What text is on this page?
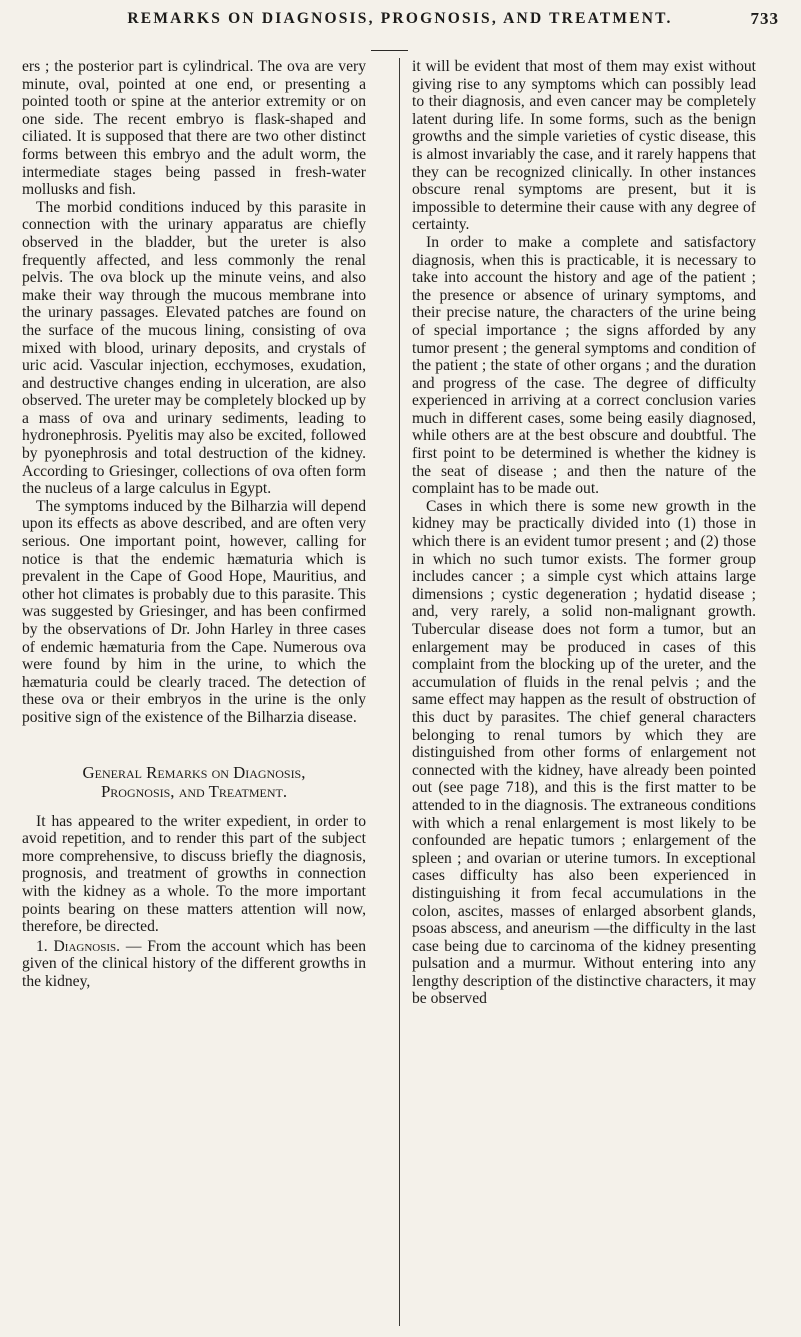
REMARKS ON DIAGNOSIS, PROGNOSIS, AND TREATMENT.	733

ers ; the posterior part is cylindrical. The ova are very minute, oval, pointed at one end, or presenting a pointed tooth or spine at the anterior extremity or on one side. The recent embryo is flask-shaped and ciliated. It is supposed that there are two other distinct forms between this embryo and the adult worm, the intermediate stages being passed in fresh-water mollusks and fish.

The morbid conditions induced by this parasite in connection with the urinary apparatus are chiefly observed in the bladder, but the ureter is also frequently affected, and less commonly the renal pelvis. The ova block up the minute veins, and also make their way through the mucous membrane into the urinary passages. Elevated patches are found on the surface of the mucous lining, consisting of ova mixed with blood, urinary deposits, and crystals of uric acid. Vascular injection, ecchymoses, exudation, and destructive changes ending in ulceration, are also observed. The ureter may be completely blocked up by a mass of ova and urinary sediments, leading to hydronephrosis. Pyelitis may also be excited, followed by pyonephrosis and total destruction of the kidney. According to Griesinger, collections of ova often form the nucleus of a large calculus in Egypt.

The symptoms induced by the Bilharzia will depend upon its effects as above described, and are often very serious. One important point, however, calling for notice is that the endemic hæmaturia which is prevalent in the Cape of Good Hope, Mauritius, and other hot climates is probably due to this parasite. This was suggested by Griesinger, and has been confirmed by the observations of Dr. John Harley in three cases of endemic hæmaturia from the Cape. Numerous ova were found by him in the urine, to which the hæmaturia could be clearly traced. The detection of these ova or their embryos in the urine is the only positive sign of the existence of the Bilharzia disease.

General Remarks on Diagnosis,
Prognosis, and Treatment.

It has appeared to the writer expedient, in order to avoid repetition, and to render this part of the subject more comprehensive, to discuss briefly the diagnosis, prognosis, and treatment of growths in connection with the kidney as a whole. To the more important points bearing on these matters attention will now, therefore, be directed.

1. Diagnosis. — From the account which has been given of the clinical history of the different growths in the kidney,

it will be evident that most of them may exist without giving rise to any symptoms which can possibly lead to their diagnosis, and even cancer may be completely latent during life. In some forms, such as the benign growths and the simple varieties of cystic disease, this is almost invariably the case, and it rarely happens that they can be recognized clinically. In other instances obscure renal symptoms are present, but it is impossible to determine their cause with any degree of certainty.

In order to make a complete and satisfactory diagnosis, when this is practicable, it is necessary to take into account the history and age of the patient ; the presence or absence of urinary symptoms, and their precise nature, the characters of the urine being of special importance ; the signs afforded by any tumor present ; the general symptoms and condition of the patient ; the state of other organs ; and the duration and progress of the case. The degree of difficulty experienced in arriving at a correct conclusion varies much in different cases, some being easily diagnosed, while others are at the best obscure and doubtful. The first point to be determined is whether the kidney is the seat of disease ; and then the nature of the complaint has to be made out.

Cases in which there is some new growth in the kidney may be practically divided into (1) those in which there is an evident tumor present ; and (2) those in which no such tumor exists. The former group includes cancer ; a simple cyst which attains large dimensions ; cystic degeneration ; hydatid disease ; and, very rarely, a solid non-malignant growth. Tubercular disease does not form a tumor, but an enlargement may be produced in cases of this complaint from the blocking up of the ureter, and the accumulation of fluids in the renal pelvis ; and the same effect may happen as the result of obstruction of this duct by parasites. The chief general characters belonging to renal tumors by which they are distinguished from other forms of enlargement not connected with the kidney, have already been pointed out (see page 718), and this is the first matter to be attended to in the diagnosis. The extraneous conditions with which a renal enlargement is most likely to be confounded are hepatic tumors ; enlargement of the spleen ; and ovarian or uterine tumors. In exceptional cases difficulty has also been experienced in distinguishing it from fecal accumulations in the colon, ascites, masses of enlarged absorbent glands, psoas abscess, and aneurism —the difficulty in the last case being due to carcinoma of the kidney presenting pulsation and a murmur. Without entering into any lengthy description of the distinctive characters, it may be observed
